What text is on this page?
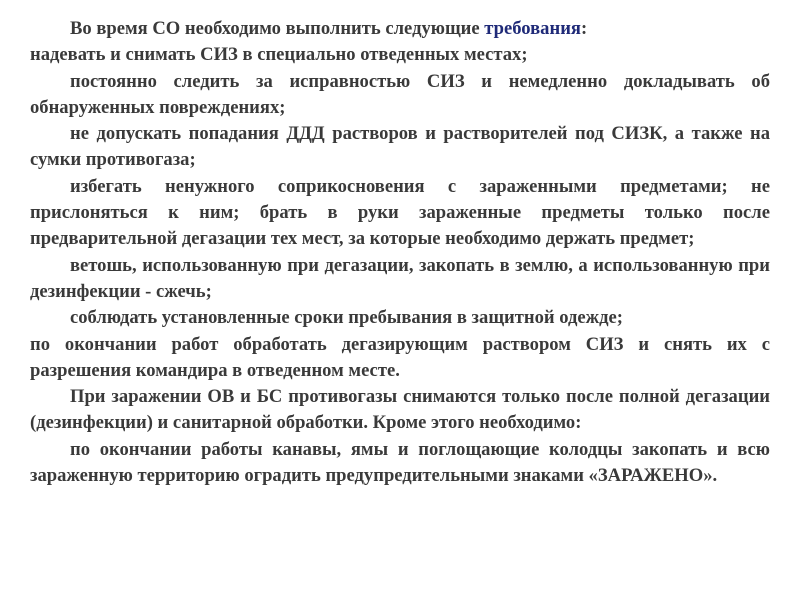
Во время СО необходимо выполнить следующие требования:

надевать и снимать СИЗ в специально отведенных местах;

постоянно следить за исправностью СИЗ и немедленно докладывать об обнаруженных повреждениях;

не допускать попадания ДДД растворов и растворителей под СИЗК, а также на сумки противогаза;

избегать ненужного соприкосновения с зараженными предметами; не прислоняться к ним; брать в руки зараженные предметы только после предварительной дегазации тех мест, за которые необходимо держать предмет;

ветошь, использованную при дегазации, закопать в землю, а использованную при дезинфекции - сжечь;

соблюдать установленные сроки пребывания в защитной одежде;

по окончании работ обработать дегазирующим раствором СИЗ и снять их с разрешения командира в отведенном месте.

При заражении ОВ и БС противогазы снимаются только после полной дегазации (дезинфекции) и санитарной обработки. Кроме этого необходимо:

по окончании работы канавы, ямы и поглощающие колодцы закопать и всю зараженную территорию оградить предупредительными знаками «ЗАРАЖЕНО».
